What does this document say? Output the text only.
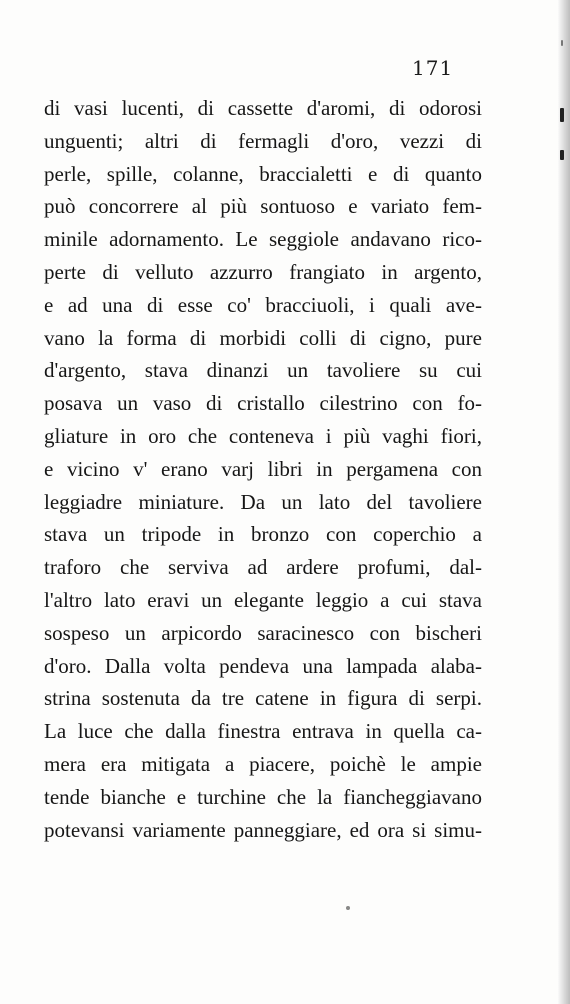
171
di vasi lucenti, di cassette d'aromi, di odorosi
unguenti; altri di fermagli d'oro, vezzi di
perle, spille, colanne, braccialetti e di quanto
può concorrere al più sontuoso e variato fem-
minile adornamento. Le seggiole andavano rico-
perte di velluto azzurro frangiato in argento,
e ad una di esse co' bracciuoli, i quali ave-
vano la forma di morbidi colli di cigno, pure
d'argento, stava dinanzi un tavoliere su cui
posava un vaso di cristallo cilestrino con fo-
gliature in oro che conteneva i più vaghi fiori,
e vicino v' erano varj libri in pergamena con
leggiadre miniature. Da un lato del tavoliere
stava un tripode in bronzo con coperchio a
traforo che serviva ad ardere profumi, dal-
l'altro lato eravi un elegante leggio a cui stava
sospeso un arpicordo saracinesco con bischeri
d'oro. Dalla volta pendeva una lampada alaba-
strina sostenuta da tre catene in figura di serpi.
La luce che dalla finestra entrava in quella ca-
mera era mitigata a piacere, poichè le ampie
tende bianche e turchine che la fiancheggiavano
potevansi variamente panneggiare, ed ora si simu-
